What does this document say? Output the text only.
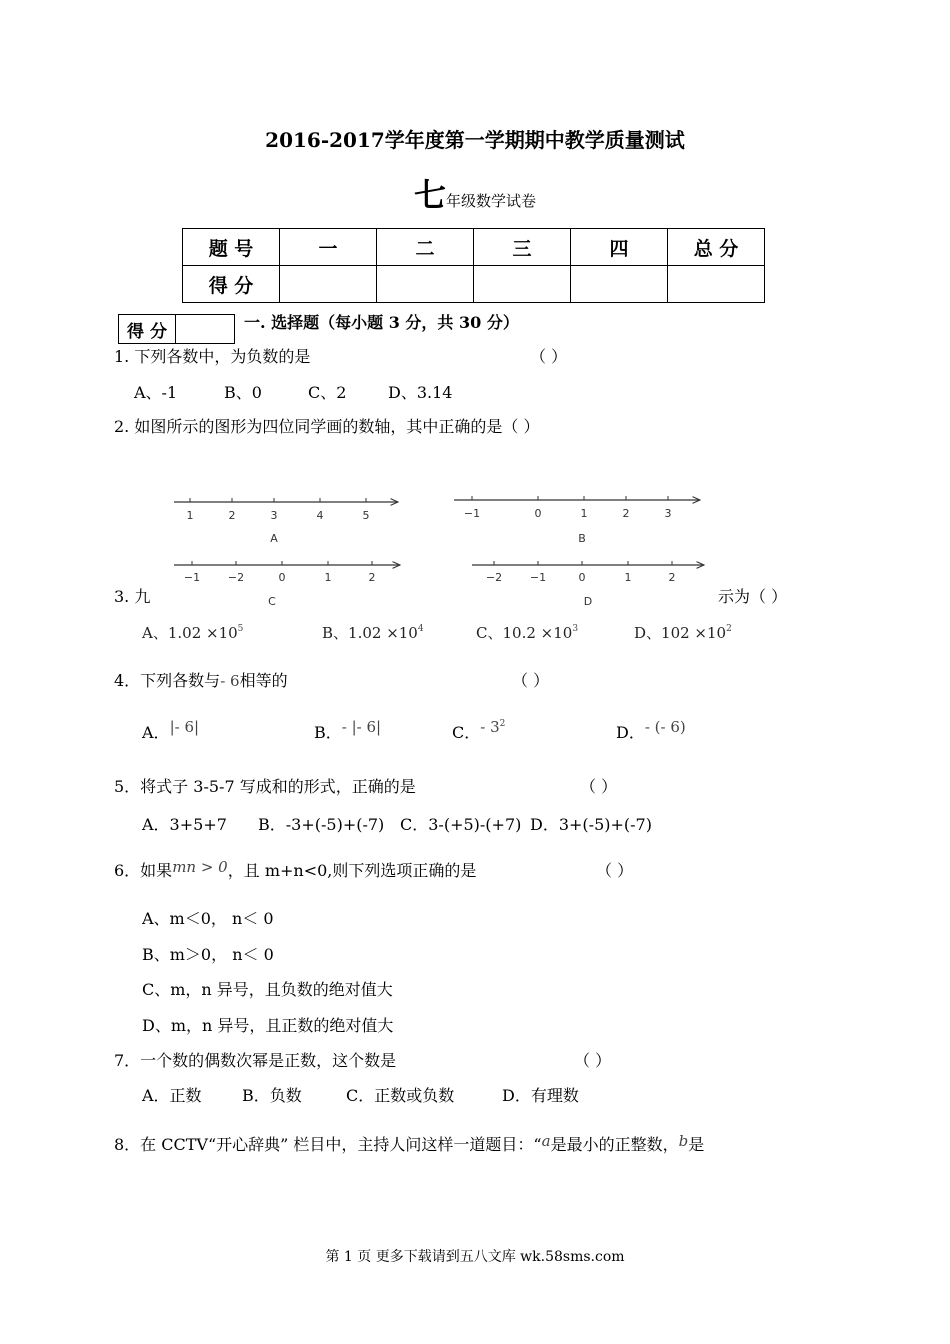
2016-2017学年度第一学期期中教学质量测试
七年级数学试卷
题 号	一	二	三	四	总 分
得 分					
得 分		一. 选择题（每小题 3 分，共 30 分）
1. 下列各数中，为负数的是	（ ）
A、-1	B、0	C、2	D、3.14
2. 如图所示的图形为四位同学画的数轴，其中正确的是（ ）
1	2	3	4	5
A
−1	0	1	2	3
B
−1	−2	0	1	2
C
−2	−1	0	1	2
D
3. 九	示为（ ）
A、$1.02 \times 10^5$	B、$1.02 \times 10^4$	C、$10.2 \times 10^3$	D、$102 \times 10^2$
4．下列各数与- 6相等的	（ ）
A．|- 6|	B．- |- 6|	C．- $3^2$	D．- (- 6)
5．将式子 3-5-7 写成和的形式，正确的是	（ ）
A．3+5+7 B．-3+(-5)+(-7) C．3-(+5)-(+7) D．3+(-5)+(-7)
6．如果mn > 0，且 m+n<0,则下列选项正确的是	（ ）
A、m＜0， n＜ 0
B、m＞0， n＜ 0
C、m，n 异号，且负数的绝对值大
D、m，n 异号，且正数的绝对值大
7．一个数的偶数次幂是正数，这个数是	（ ）
A．正数	B．负数	C．正数或负数	D．有理数
8．在 CCTV“开心辞典” 栏目中，主持人问这样一道题目：“a是最小的正整数，b是
第 1 页 更多下载请到五八文库 wk.58sms.com
